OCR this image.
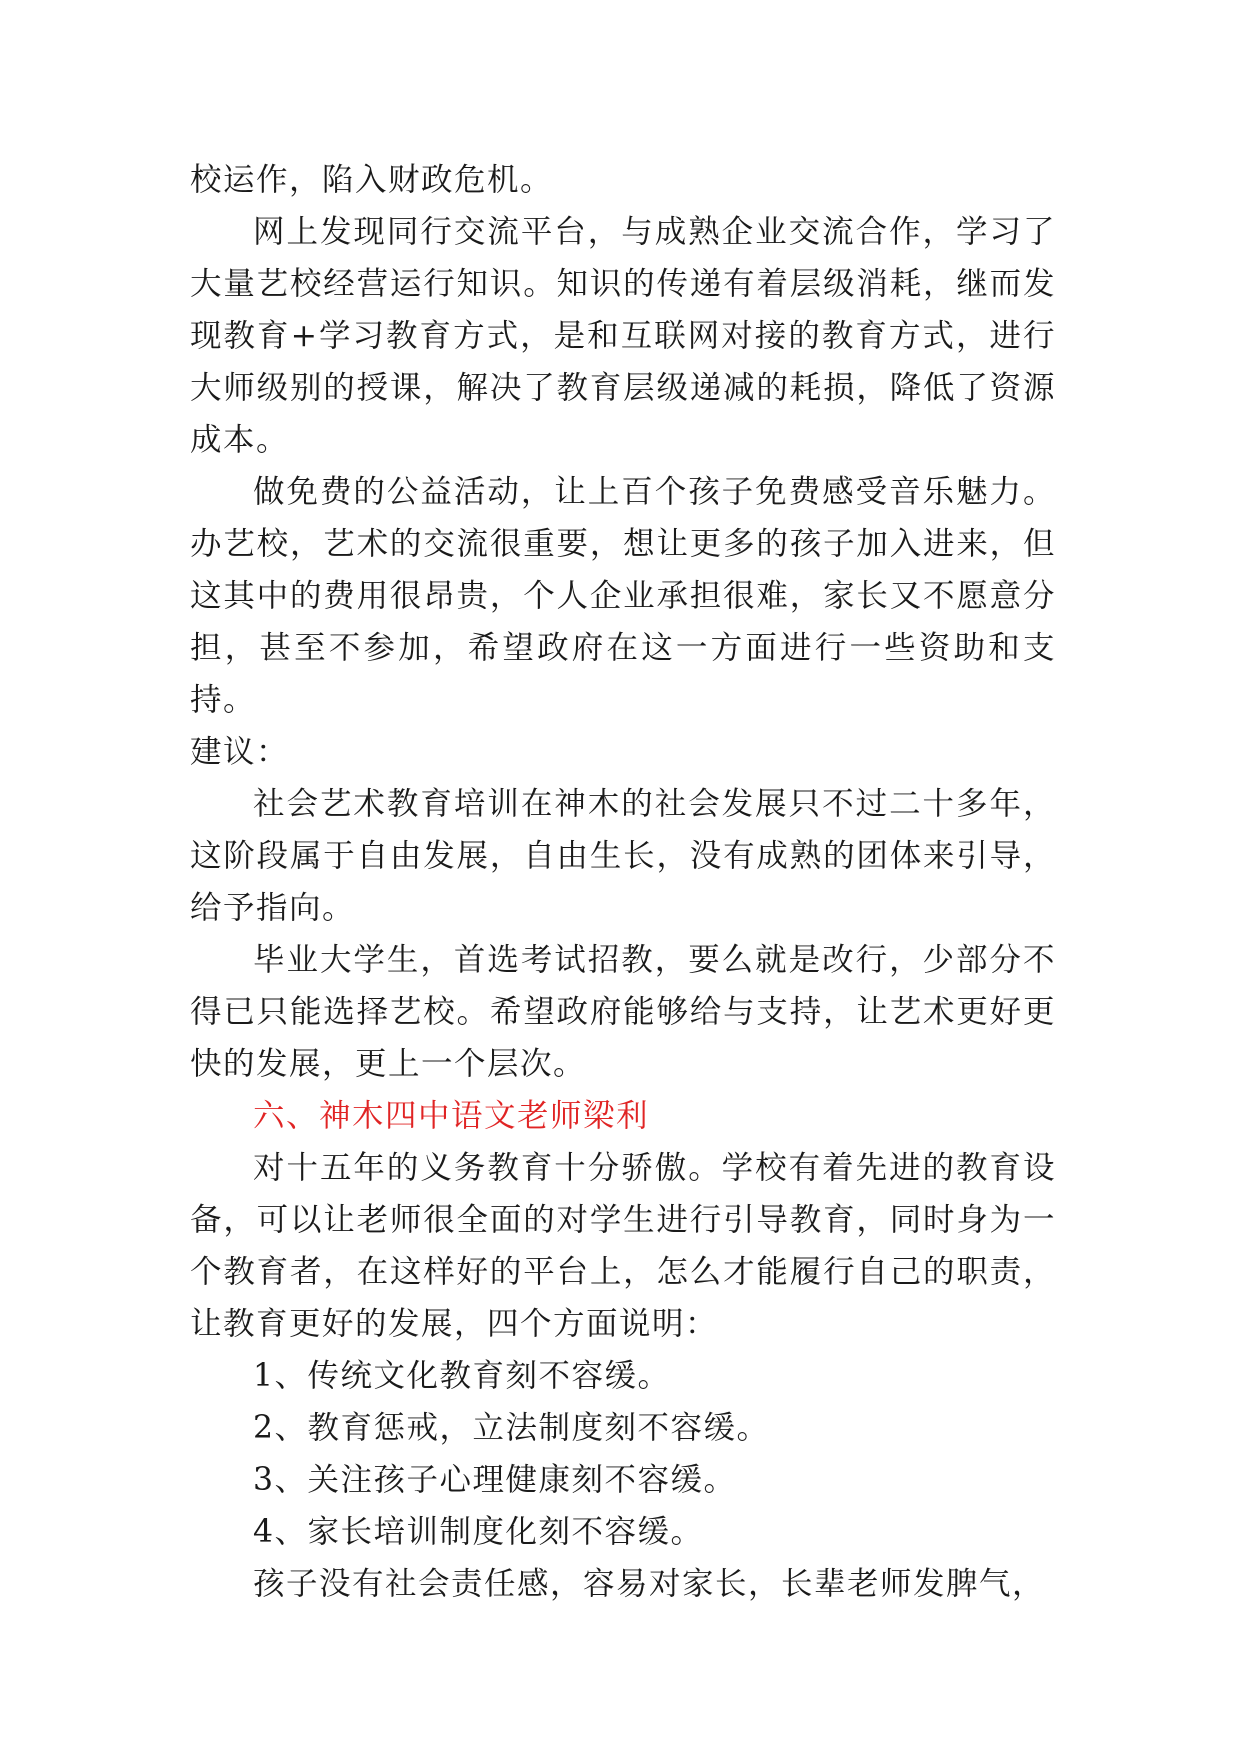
校运作，陷入财政危机。

网上发现同行交流平台，与成熟企业交流合作，学习了大量艺校经营运行知识。知识的传递有着层级消耗，继而发现教育+学习教育方式，是和互联网对接的教育方式，进行大师级别的授课，解决了教育层级递减的耗损，降低了资源成本。

做免费的公益活动，让上百个孩子免费感受音乐魅力。办艺校，艺术的交流很重要，想让更多的孩子加入进来，但这其中的费用很昂贵，个人企业承担很难，家长又不愿意分担，甚至不参加，希望政府在这一方面进行一些资助和支持。

建议：

社会艺术教育培训在神木的社会发展只不过二十多年，这阶段属于自由发展，自由生长，没有成熟的团体来引导，给予指向。

毕业大学生，首选考试招教，要么就是改行，少部分不得已只能选择艺校。希望政府能够给与支持，让艺术更好更快的发展，更上一个层次。

六、神木四中语文老师梁利

对十五年的义务教育十分骄傲。学校有着先进的教育设备，可以让老师很全面的对学生进行引导教育，同时身为一个教育者，在这样好的平台上，怎么才能履行自己的职责，让教育更好的发展，四个方面说明：

1、传统文化教育刻不容缓。

2、教育惩戒，立法制度刻不容缓。

3、关注孩子心理健康刻不容缓。

4、家长培训制度化刻不容缓。

孩子没有社会责任感，容易对家长，长辈老师发脾气，
